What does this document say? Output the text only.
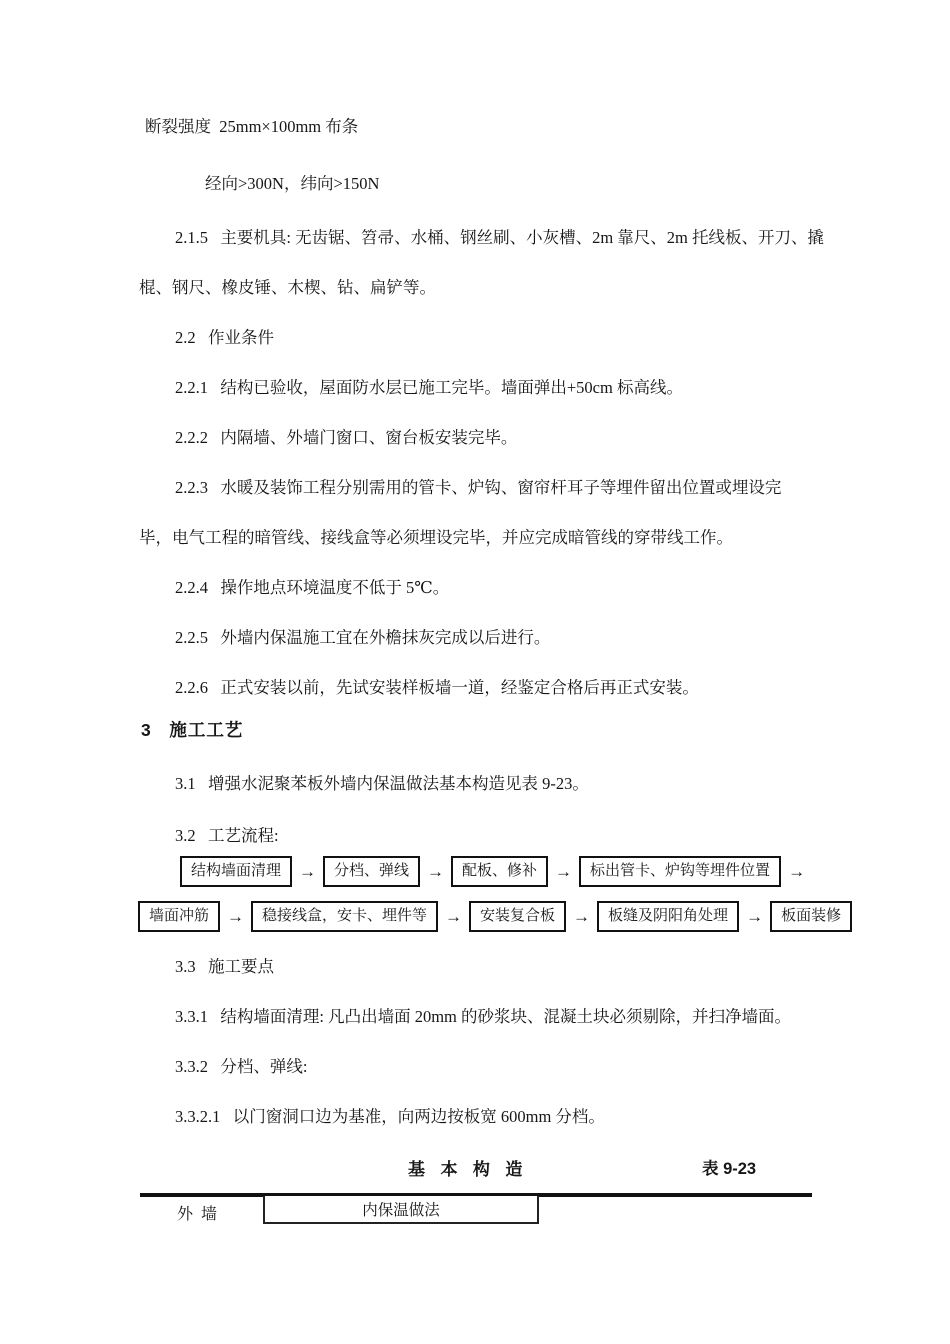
断裂强度  25mm×100mm 布条
经向>300N，纬向>150N
2.1.5   主要机具: 无齿锯、笤帚、水桶、钢丝刷、小灰槽、2m 靠尺、2m 托线板、开刀、撬
棍、钢尺、橡皮锤、木楔、钻、扁铲等。
2.2   作业条件
2.2.1   结构已验收，屋面防水层已施工完毕。墙面弹出+50cm 标高线。
2.2.2   内隔墙、外墙门窗口、窗台板安装完毕。
2.2.3   水暖及装饰工程分别需用的管卡、炉钩、窗帘杆耳子等埋件留出位置或埋设完
毕，电气工程的暗管线、接线盒等必须埋设完毕，并应完成暗管线的穿带线工作。
2.2.4   操作地点环境温度不低于 5℃。
2.2.5   外墙内保温施工宜在外檐抹灰完成以后进行。
2.2.6   正式安装以前，先试安装样板墙一道，经鉴定合格后再正式安装。
3   施工工艺
3.1   增强水泥聚苯板外墙内保温做法基本构造见表 9-23。
3.2   工艺流程:
结构墙面清理	→	分档、弹线	→	配板、修补	→	标出管卡、炉钩等埋件位置	→
墙面冲筋	→	稳接线盒，安卡、埋件等	→	安装复合板	→	板缝及阴阳角处理	→	板面装修
3.3   施工要点
3.3.1   结构墙面清理: 凡凸出墙面 20mm 的砂浆块、混凝土块必须剔除，并扫净墙面。
3.3.2   分档、弹线:
3.3.2.1   以门窗洞口边为基准，向两边按板宽 600mm 分档。
基  本  构  造	表 9-23
外  墙	内保温做法
